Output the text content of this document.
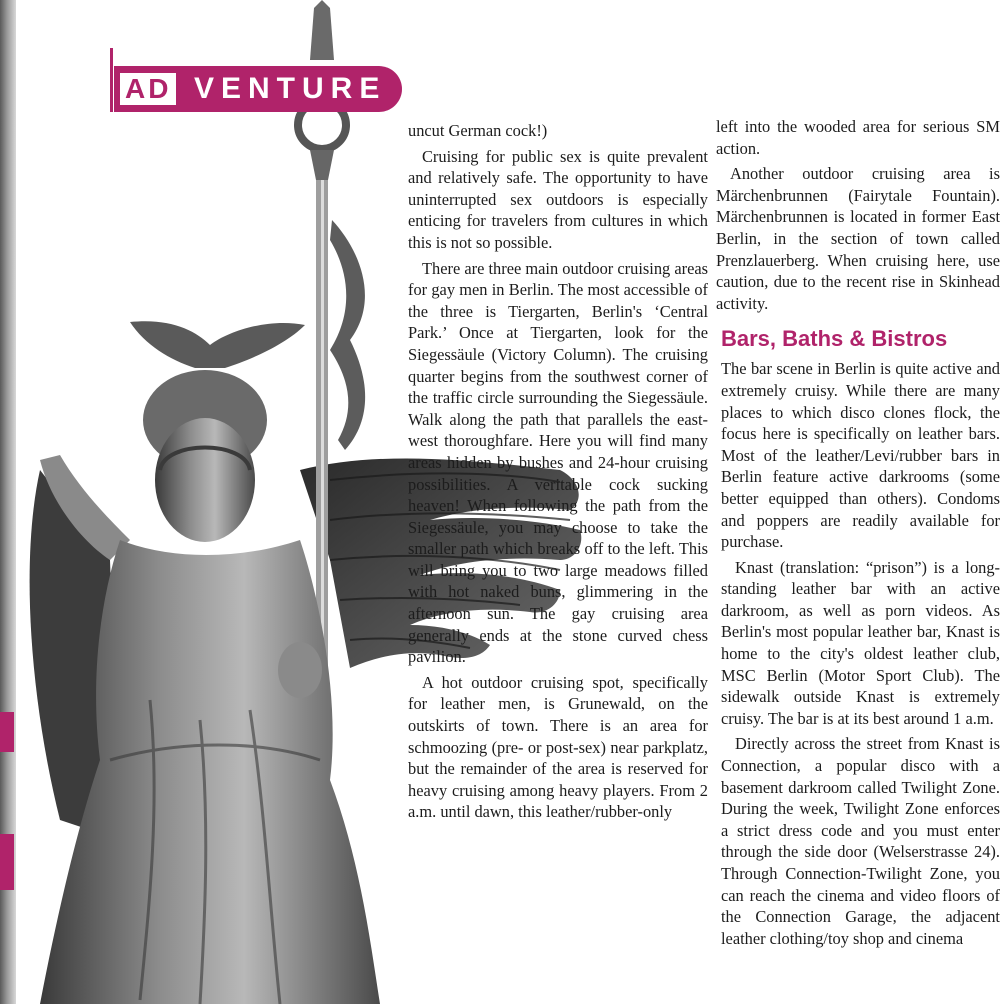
AD VENTURE

uncut German cock!)

Cruising for public sex is quite prevalent and relatively safe. The opportunity to have uninterrupted sex outdoors is especially enticing for travelers from cultures in which this is not so possible.

There are three main outdoor cruising areas for gay men in Berlin. The most accessible of the three is Tiergarten, Berlin's ‘Central Park.’ Once at Tiergarten, look for the Siegessäule (Victory Column). The cruising quarter begins from the southwest corner of the traffic circle surrounding the Siegessäule. Walk along the path that parallels the east-west thoroughfare. Here you will find many areas hidden by bushes and 24-hour cruising possibilities. A veritable cock sucking heaven! When following the path from the Siegessäule, you may choose to take the smaller path which breaks off to the left. This will bring you to two large meadows filled with hot naked buns, glimmering in the afternoon sun. The gay cruising area generally ends at the stone curved chess pavilion.

A hot outdoor cruising spot, specifically for leather men, is Grunewald, on the outskirts of town. There is an area for schmoozing (pre- or post-sex) near parkplatz, but the remainder of the area is reserved for heavy cruising among heavy players. From 2 a.m. until dawn, this leather/rubber-only

left into the wooded area for serious SM action.

Another outdoor cruising area is Märchenbrunnen (Fairytale Fountain). Märchenbrunnen is located in former East Berlin, in the section of town called Prenzlauerberg. When cruising here, use caution, due to the recent rise in Skinhead activity.

Bars, Baths & Bistros

The bar scene in Berlin is quite active and extremely cruisy. While there are many places to which disco clones flock, the focus here is specifically on leather bars. Most of the leather/Levi/rubber bars in Berlin feature active darkrooms (some better equipped than others). Condoms and poppers are readily available for purchase.

Knast (translation: “prison”) is a long-standing leather bar with an active darkroom, as well as porn videos. As Berlin's most popular leather bar, Knast is home to the city's oldest leather club, MSC Berlin (Motor Sport Club). The sidewalk outside Knast is extremely cruisy. The bar is at its best around 1 a.m.

Directly across the street from Knast is Connection, a popular disco with a basement darkroom called Twilight Zone. During the week, Twilight Zone enforces a strict dress code and you must enter through the side door (Welserstrasse 24). Through Connection-Twilight Zone, you can reach the cinema and video floors of the Connection Garage, the adjacent leather clothing/toy shop and cinema
